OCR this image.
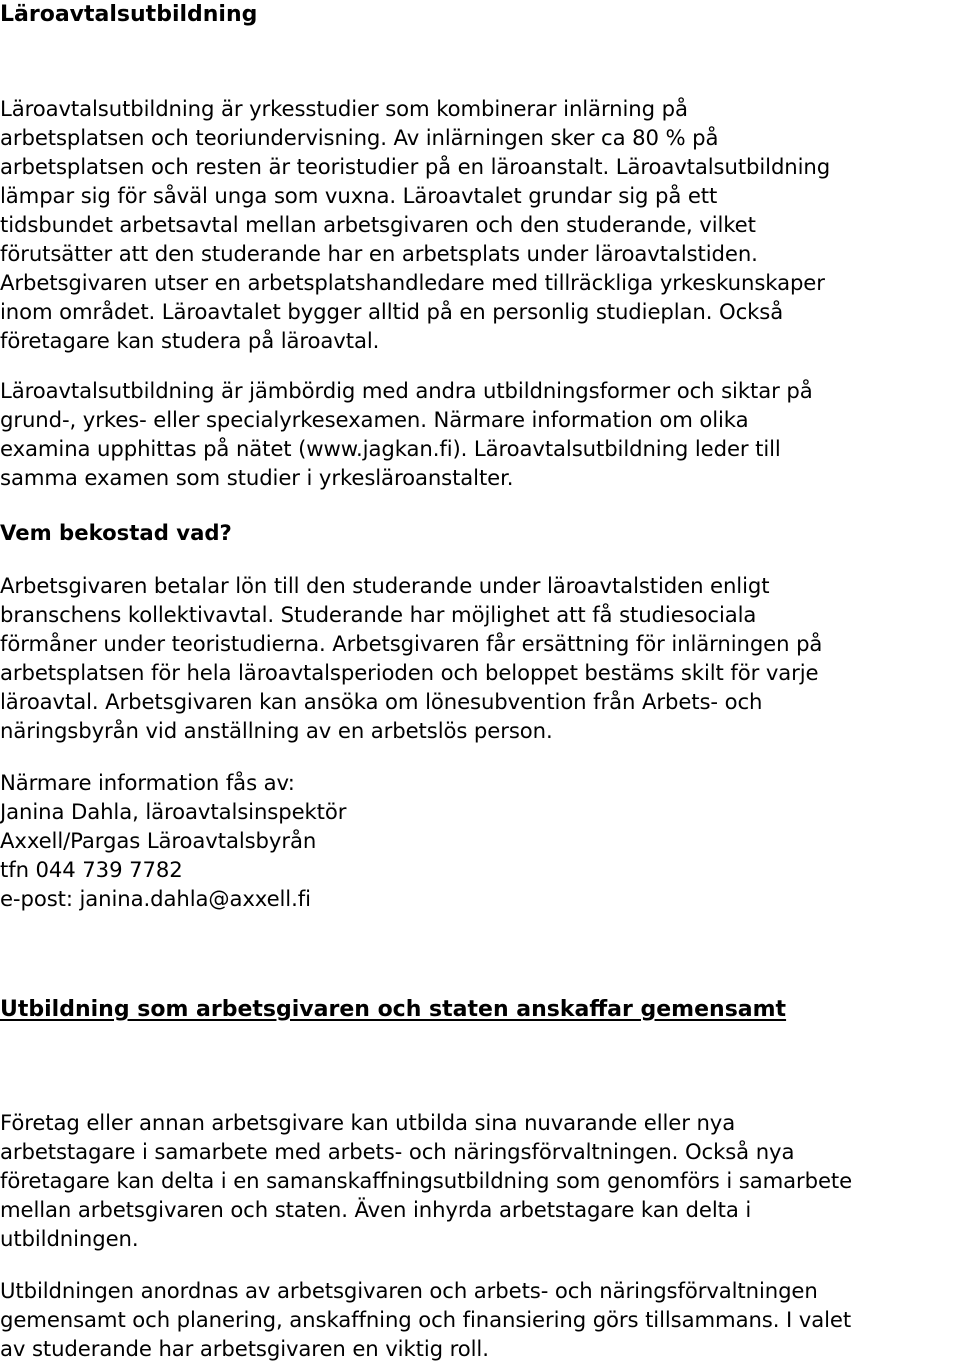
Läroavtalsutbildning
Läroavtalsutbildning är yrkesstudier som kombinerar inlärning på
arbetsplatsen och teoriundervisning. Av inlärningen sker ca 80 % på
arbetsplatsen och resten är teoristudier på en läroanstalt. Läroavtalsutbildning
lämpar sig för såväl unga som vuxna. Läroavtalet grundar sig på ett
tidsbundet arbetsavtal mellan arbetsgivaren och den studerande, vilket
förutsätter att den studerande har en arbetsplats under läroavtalstiden.
Arbetsgivaren utser en arbetsplatshandledare med tillräckliga yrkeskunskaper
inom området. Läroavtalet bygger alltid på en personlig studieplan. Också
företagare kan studera på läroavtal.
Läroavtalsutbildning är jämbördig med andra utbildningsformer och siktar på
grund-, yrkes- eller specialyrkesexamen. Närmare information om olika
examina upphittas på nätet (www.jagkan.fi). Läroavtalsutbildning leder till
samma examen som studier i yrkesläroanstalter.
Vem bekostad vad?
Arbetsgivaren betalar lön till den studerande under läroavtalstiden enligt
branschens kollektivavtal. Studerande har möjlighet att få studiesociala
förmåner under teoristudierna. Arbetsgivaren får ersättning för inlärningen på
arbetsplatsen för hela läroavtalsperioden och beloppet bestäms skilt för varje
läroavtal. Arbetsgivaren kan ansöka om lönesubvention från Arbets- och
näringsbyrån vid anställning av en arbetslös person.
Närmare information fås av:
Janina Dahla, läroavtalsinspektör
Axxell/Pargas Läroavtalsbyrån
tfn 044 739 7782
e-post: janina.dahla@axxell.fi
Utbildning som arbetsgivaren och staten anskaffar gemensamt
Företag eller annan arbetsgivare kan utbilda sina nuvarande eller nya
arbetstagare i samarbete med arbets- och näringsförvaltningen. Också nya
företagare kan delta i en samanskaffningsutbildning som genomförs i samarbete
mellan arbetsgivaren och staten. Även inhyrda arbetstagare kan delta i
utbildningen.
Utbildningen anordnas av arbetsgivaren och arbets- och näringsförvaltningen
gemensamt och planering, anskaffning och finansiering görs tillsammans. I valet
av studerande har arbetsgivaren en viktig roll.
